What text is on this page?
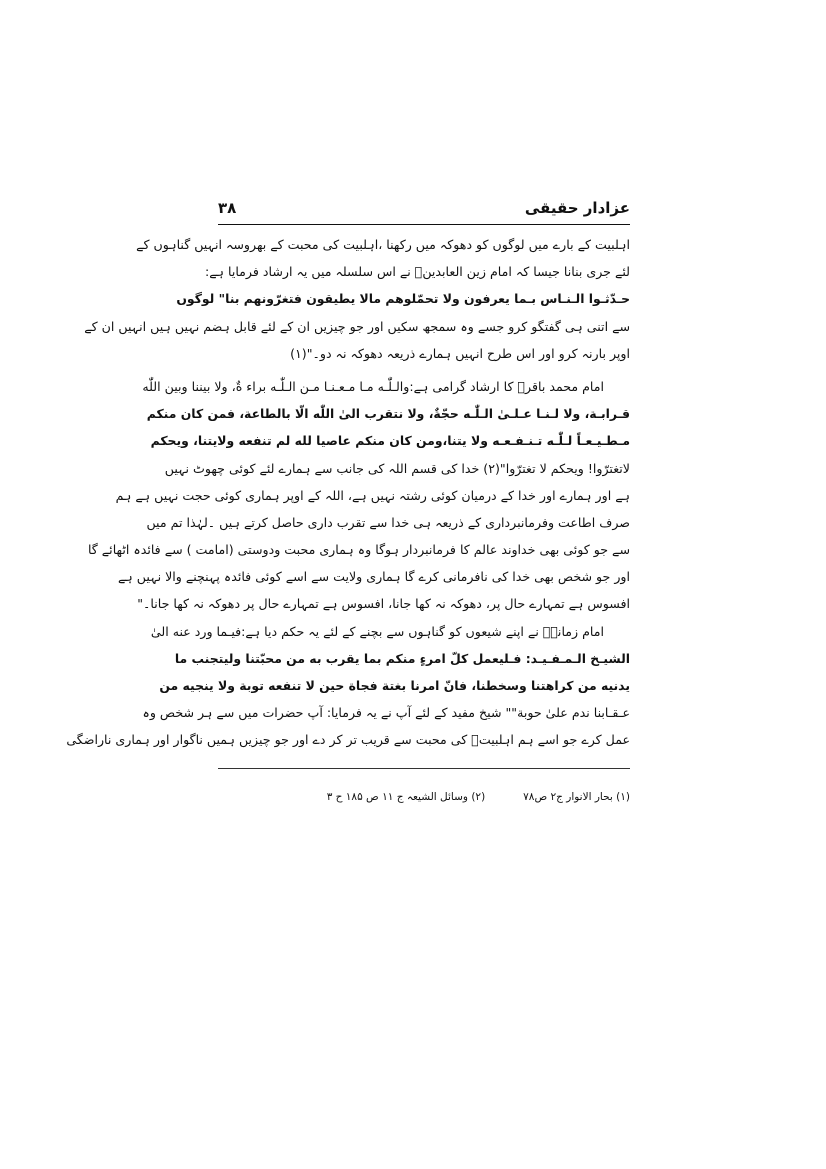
عزادار حقیقی
۳۸
اہلبیت کے بارے میں لوگوں کو دھوکہ میں رکھنا ،اہلبیت کی محبت کے بھروسہ انہیں گناہوں کے
لئے جری بنانا جیسا کہ امام زین العابدینؑ نے اس سلسلہ میں یہ ارشاد فرمایا ہے:
حـدّثـوا الـنـاس بـما يعرفون ولا تحمّلوهم مالا يطيقون فتغرّونهم بنا" لوگوں
سے اتنی ہی گفتگو کرو جسے وہ سمجھ سکیں اور جو چیزیں ان کے لئے قابل ہضم نہیں ہیں انہیں ان کے
اوپر بارنہ کرو اور اس طرح انہیں ہمارے ذریعہ دھوکہ نہ دو۔"(۱)
امام محمد باقرؑ کا ارشاد گرامی ہے:والـلّٰـه مـا مـعـنـا مـن الـلّٰـه براء ةٌ، ولا بيننا وبين اللّٰه
قـرابـة، ولا لـنـا عـلـىٰ الـلّٰـه حجّةٌ، ولا نتقرب الىٰ اللّٰه الّا بالطاعة، فمن كان منكم
مـطـيـعـاً لـلّٰـه تـنـفـعـه ولا يتنا،ومن كان منكم عاصيا لله لم تنفعه ولايتنا، ويحكم
لاتغترّوا! ويحكم لا تغترّوا"(۲) خدا کی قسم اللہ کی جانب سے ہمارے لئے کوئی چھوٹ نہیں
ہے اور ہمارے اور خدا کے درمیان کوئی رشتہ نہیں ہے، اللہ کے اوپر ہماری کوئی حجت نہیں ہے ہم
صرف اطاعت وفرمانبرداری کے ذریعہ ہی خدا سے تقرب داری حاصل کرتے ہیں ۔لہٰذا تم میں
سے جو کوئی بھی خداوند عالم کا فرمانبردار ہوگا وہ ہماری محبت ودوستی (امامت ) سے فائدہ اٹھائے گا
اور جو شخص بھی خدا کی نافرمانی کرے گا ہماری ولایت سے اسے کوئی فائدہ پہنچنے والا نہیں ہے
افسوس ہے تمہارے حال پر، دھوکہ نہ کھا جانا، افسوس ہے تمہارے حال پر دھوکہ نہ کھا جانا۔"
امام زمانہؑ نے اپنے شیعوں کو گناہوں سے بچنے کے لئے یہ حکم دیا ہے:فيـما ورد عنه الىٰ
الشيـخ الـمـفـيـد: فـليعمل كلّ امرءٍ منكم بما يقرب به من محبّتنا وليتجنب ما
يدنيه من كراهتنا وسخطنا، فانّ امرنا بغتة فجاة حين لا تنفعه توبة ولا ينجيه من
عـقـابنا ندم علىٰ حوبة"" شیخ مفید کے لئے آپ نے یہ فرمایا: آپ حضرات میں سے ہر شخص وہ
عمل کرے جو اسے ہم اہلبیتؑ کی محبت سے قریب تر کر دے اور جو چیزیں ہمیں ناگوار اور ہماری ناراضگی
(۱) بحار الانوار ج۲ ص۷۸
(۲) وسائل الشیعہ ج ۱۱ ص ۱۸۵ ح ۳
